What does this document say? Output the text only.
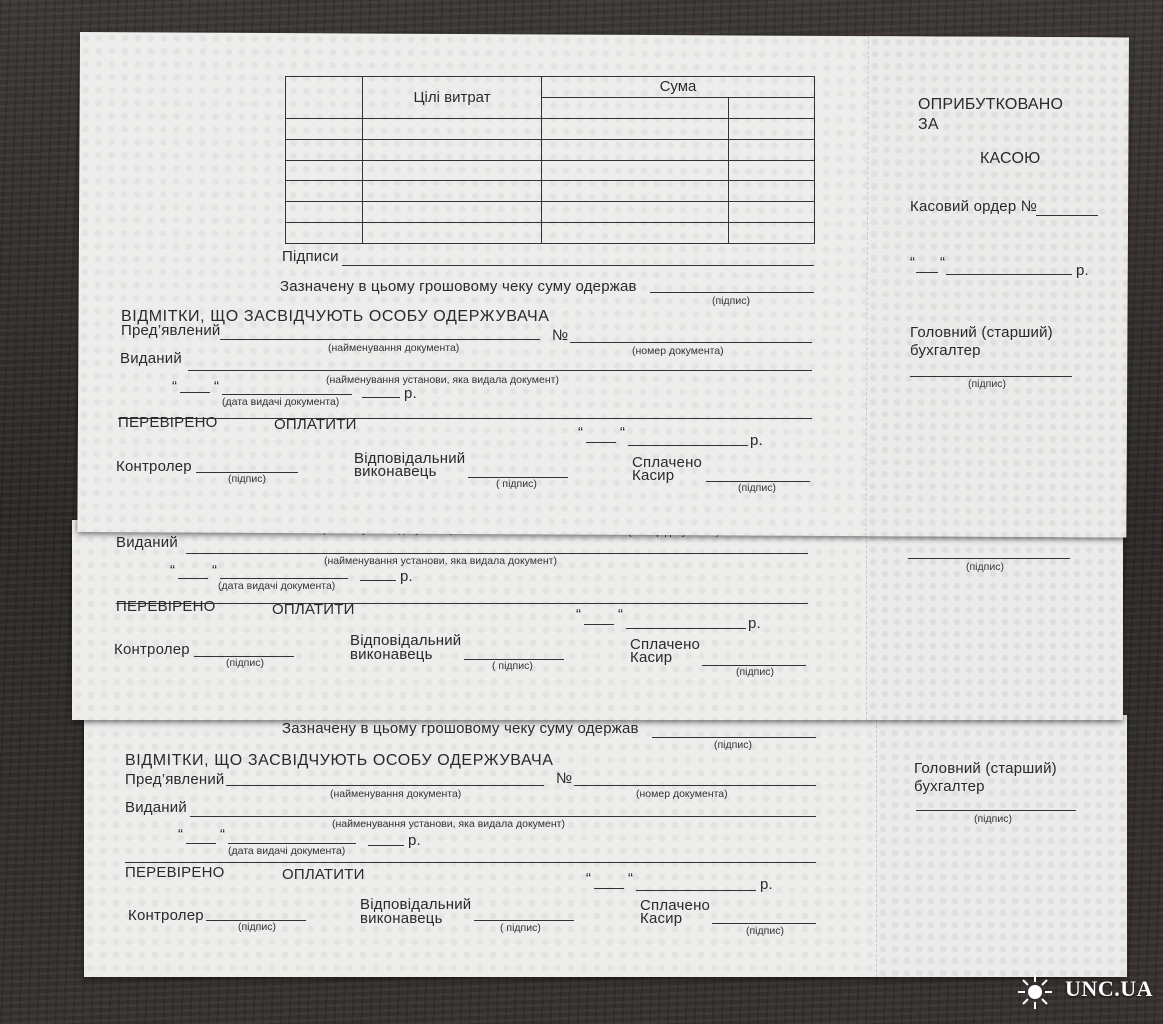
Зазначену в цьому грошовому чеку суму одержав
(підпис)
ВІДМІТКИ, ЩО ЗАСВІДЧУЮТЬ ОСОБУ ОДЕРЖУВАЧА
Пред’явлений
(найменування документа)
№
(номер документа)
Виданий
(найменування установи, яка видала документ)
“ “	р.
(дата видачі документа)
ПЕРЕВІРЕНО	ОПЛАТИТИ	“ “	р.
Контролер
(підпис)
Відповідальний
виконавець
( підпис)
Сплачено
Касир
(підпис)
Головний (старший)
бухгалтер
(підпис)
Виданий
(найменування установи, яка видала документ)
“ “	р.
(дата видачі документа)
ПЕРЕВІРЕНО	ОПЛАТИТИ	“ “
р.
Контролер
(підпис)
Відповідальний
виконавець
( підпис)
Сплачено
Касир
(підпис)
(підпис)
	Цілі витрат	Сума	

Підписи
Зазначену в цьому грошовому чеку суму одержав
(підпис)
ВІДМІТКИ, ЩО ЗАСВІДЧУЮТЬ ОСОБУ ОДЕРЖУВАЧА
Пред’явлений
(найменування документа)
№
(номер документа)
Виданий
(найменування установи, яка видала документ)
“ “	р.
(дата видачі документа)
ПЕРЕВІРЕНО	ОПЛАТИТИ	“ “	р.
Контролер
(підпис)
Відповідальний
виконавець
( підпис)
Сплачено
Касир
(підпис)
ОПРИБУТКОВАНО
ЗА
КАСОЮ
Касовий ордер №
“ “	р.
Головний (старший)
бухгалтер
(підпис)
UNC.UA
